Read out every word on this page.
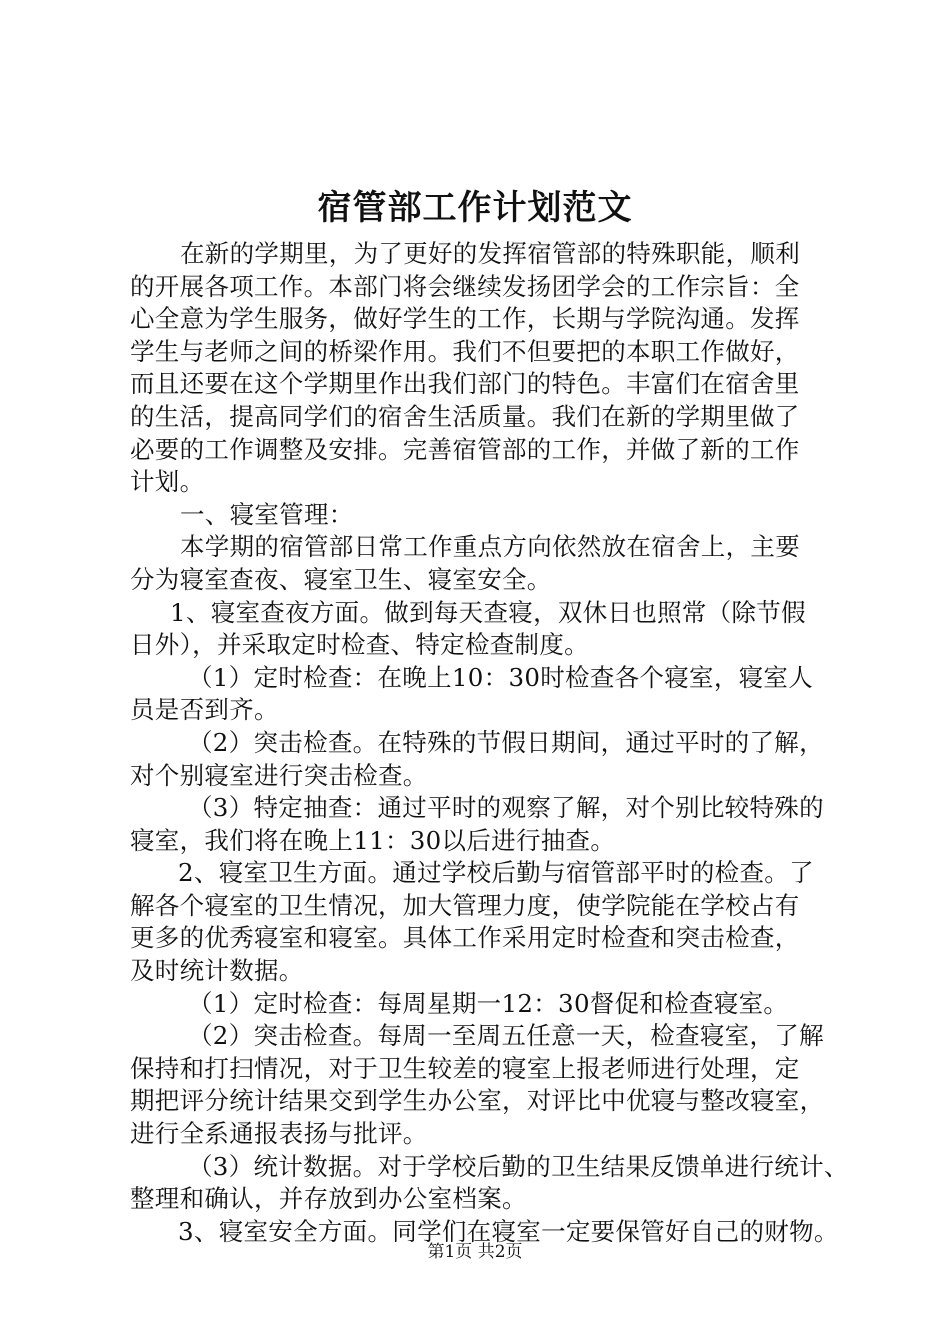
宿管部工作计划范文
在新的学期里，为了更好的发挥宿管部的特殊职能，顺利
的开展各项工作。本部门将会继续发扬团学会的工作宗旨：全
心全意为学生服务，做好学生的工作，长期与学院沟通。发挥
学生与老师之间的桥梁作用。我们不但要把的本职工作做好，
而且还要在这个学期里作出我们部门的特色。丰富们在宿舍里
的生活，提高同学们的宿舍生活质量。我们在新的学期里做了
必要的工作调整及安排。完善宿管部的工作，并做了新的工作
计划。
一、寝室管理：
本学期的宿管部日常工作重点方向依然放在宿舍上，主要
分为寝室查夜、寝室卫生、寝室安全。
1、寝室查夜方面。做到每天查寝，双休日也照常（除节假
日外），并采取定时检查、特定检查制度。
（1）定时检查：在晚上10：30时检查各个寝室，寝室人
员是否到齐。
（2）突击检查。在特殊的节假日期间，通过平时的了解，
对个别寝室进行突击检查。
（3）特定抽查：通过平时的观察了解，对个别比较特殊的
寝室，我们将在晚上11：30以后进行抽查。
2、寝室卫生方面。通过学校后勤与宿管部平时的检查。了
解各个寝室的卫生情况，加大管理力度，使学院能在学校占有
更多的优秀寝室和寝室。具体工作采用定时检查和突击检查，
及时统计数据。
（1）定时检查：每周星期一12：30督促和检查寝室。
（2）突击检查。每周一至周五任意一天，检查寝室，了解
保持和打扫情况，对于卫生较差的寝室上报老师进行处理，定
期把评分统计结果交到学生办公室，对评比中优寝与整改寝室，
进行全系通报表扬与批评。
（3）统计数据。对于学校后勤的卫生结果反馈单进行统计、
整理和确认，并存放到办公室档案。
3、寝室安全方面。同学们在寝室一定要保管好自己的财物。
第1页 共2页
